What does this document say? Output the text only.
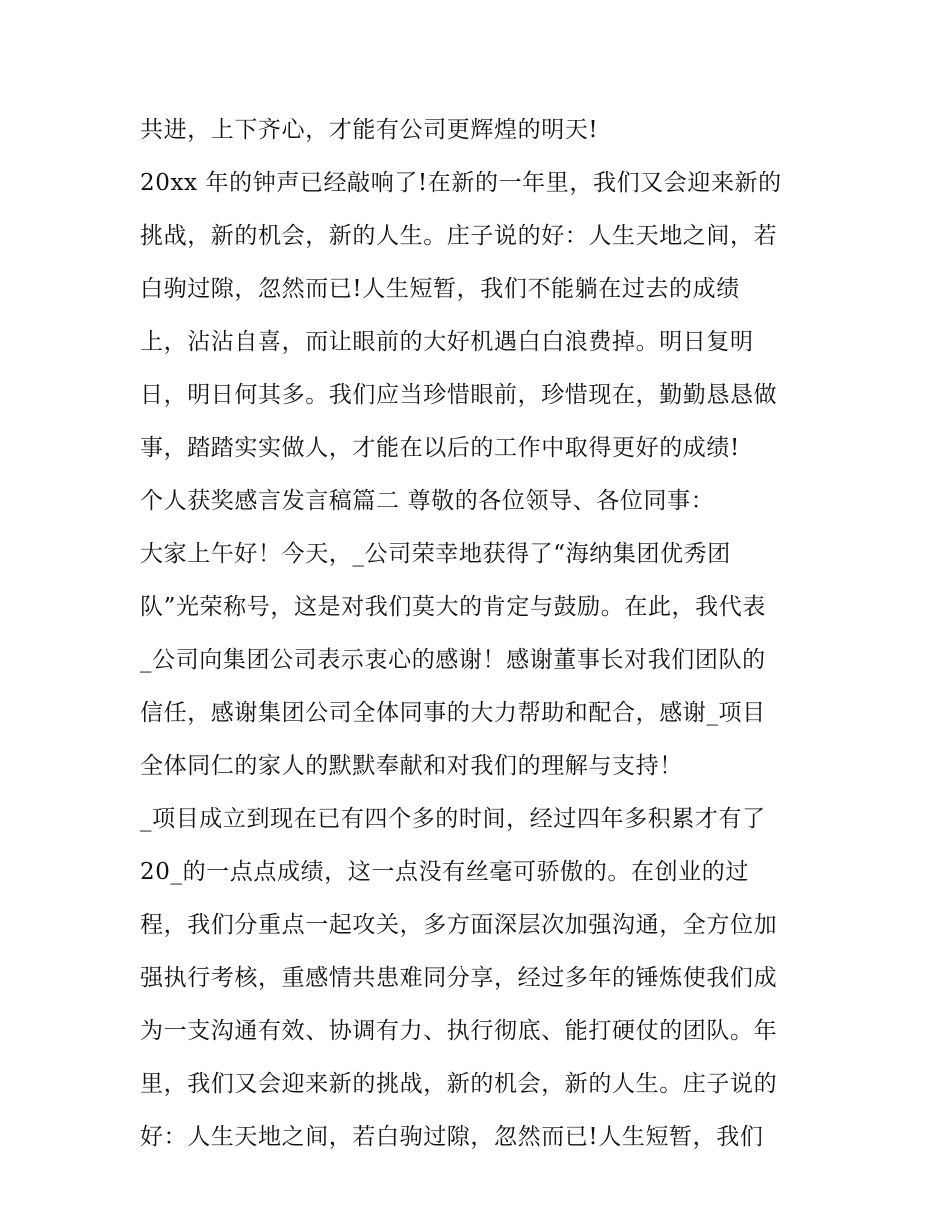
共进，上下齐心，才能有公司更辉煌的明天!
20xx 年的钟声已经敲响了!在新的一年里，我们又会迎来新的
挑战，新的机会，新的人生。庄子说的好：人生天地之间，若
白驹过隙，忽然而已!人生短暂，我们不能躺在过去的成绩
上，沾沾自喜，而让眼前的大好机遇白白浪费掉。明日复明
日，明日何其多。我们应当珍惜眼前，珍惜现在，勤勤恳恳做
事，踏踏实实做人，才能在以后的工作中取得更好的成绩!
个人获奖感言发言稿篇二 尊敬的各位领导、各位同事：
大家上午好！今天，_公司荣幸地获得了“海纳集团优秀团
队”光荣称号，这是对我们莫大的肯定与鼓励。在此，我代表
_公司向集团公司表示衷心的感谢！感谢董事长对我们团队的
信任，感谢集团公司全体同事的大力帮助和配合，感谢_项目
全体同仁的家人的默默奉献和对我们的理解与支持！
_项目成立到现在已有四个多的时间，经过四年多积累才有了
20_的一点点成绩，这一点没有丝毫可骄傲的。在创业的过
程，我们分重点一起攻关，多方面深层次加强沟通，全方位加
强执行考核，重感情共患难同分享，经过多年的锤炼使我们成
为一支沟通有效、协调有力、执行彻底、能打硬仗的团队。年
里，我们又会迎来新的挑战，新的机会，新的人生。庄子说的
好：人生天地之间，若白驹过隙，忽然而已!人生短暂，我们
